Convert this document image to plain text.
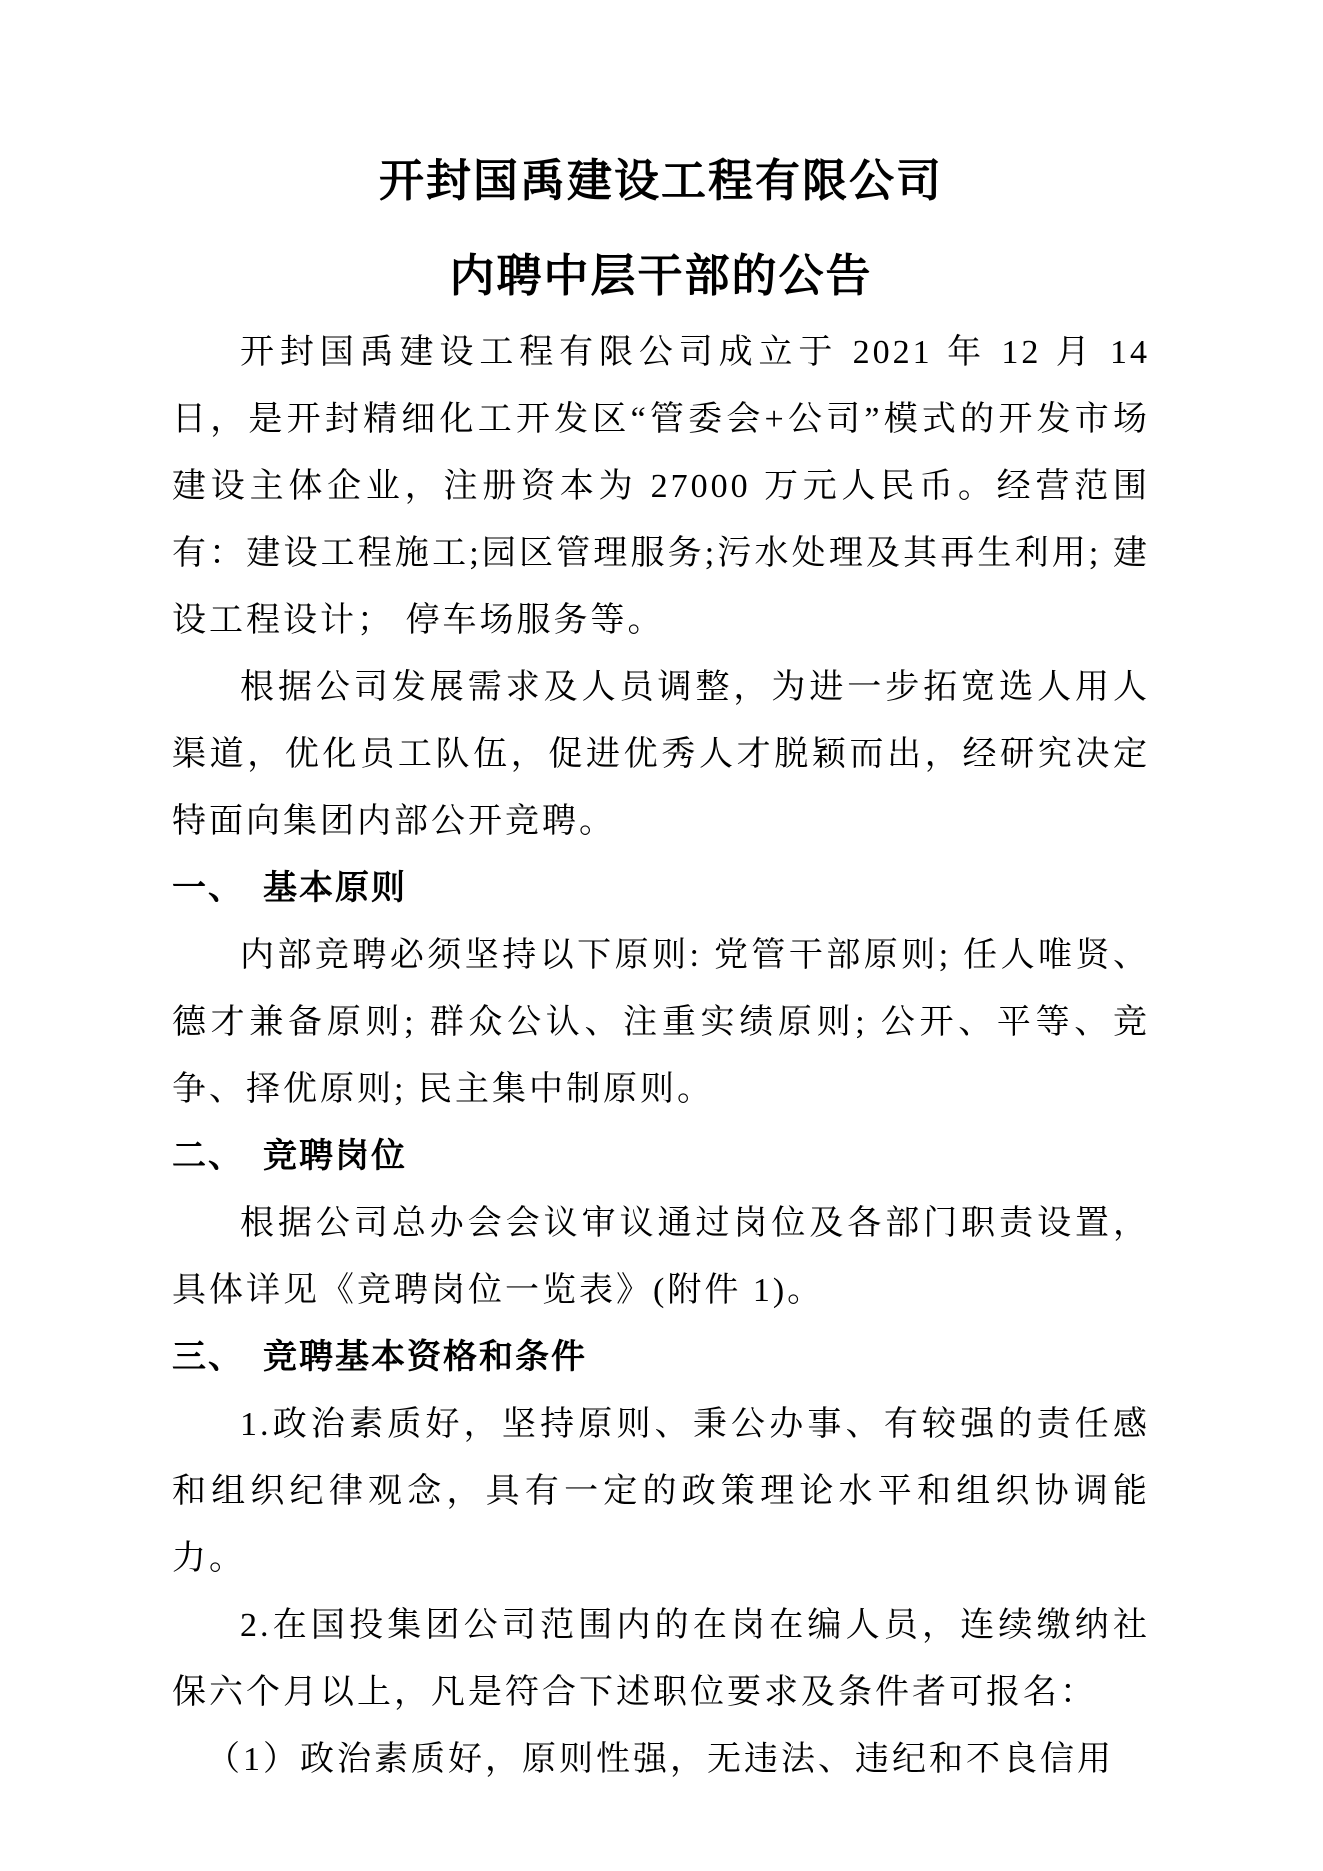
开封国禹建设工程有限公司
内聘中层干部的公告

开封国禹建设工程有限公司成立于 2021 年 12 月 14 日，是开封精细化工开发区“管委会+公司”模式的开发市场建设主体企业，注册资本为 27000 万元人民币。经营范围有：建设工程施工;园区管理服务;污水处理及其再生利用; 建设工程设计； 停车场服务等。

根据公司发展需求及人员调整，为进一步拓宽选人用人渠道，优化员工队伍，促进优秀人才脱颖而出，经研究决定特面向集团内部公开竞聘。

一、　基本原则

内部竞聘必须坚持以下原则: 党管干部原则; 任人唯贤、德才兼备原则; 群众公认、注重实绩原则; 公开、平等、竞争、择优原则; 民主集中制原则。

二、　竞聘岗位

根据公司总办会会议审议通过岗位及各部门职责设置，具体详见《竞聘岗位一览表》(附件 1)。

三、　竞聘基本资格和条件

1.政治素质好，坚持原则、秉公办事、有较强的责任感和组织纪律观念，具有一定的政策理论水平和组织协调能力。

2.在国投集团公司范围内的在岗在编人员，连续缴纳社保六个月以上，凡是符合下述职位要求及条件者可报名：

（1）政治素质好，原则性强，无违法、违纪和不良信用
